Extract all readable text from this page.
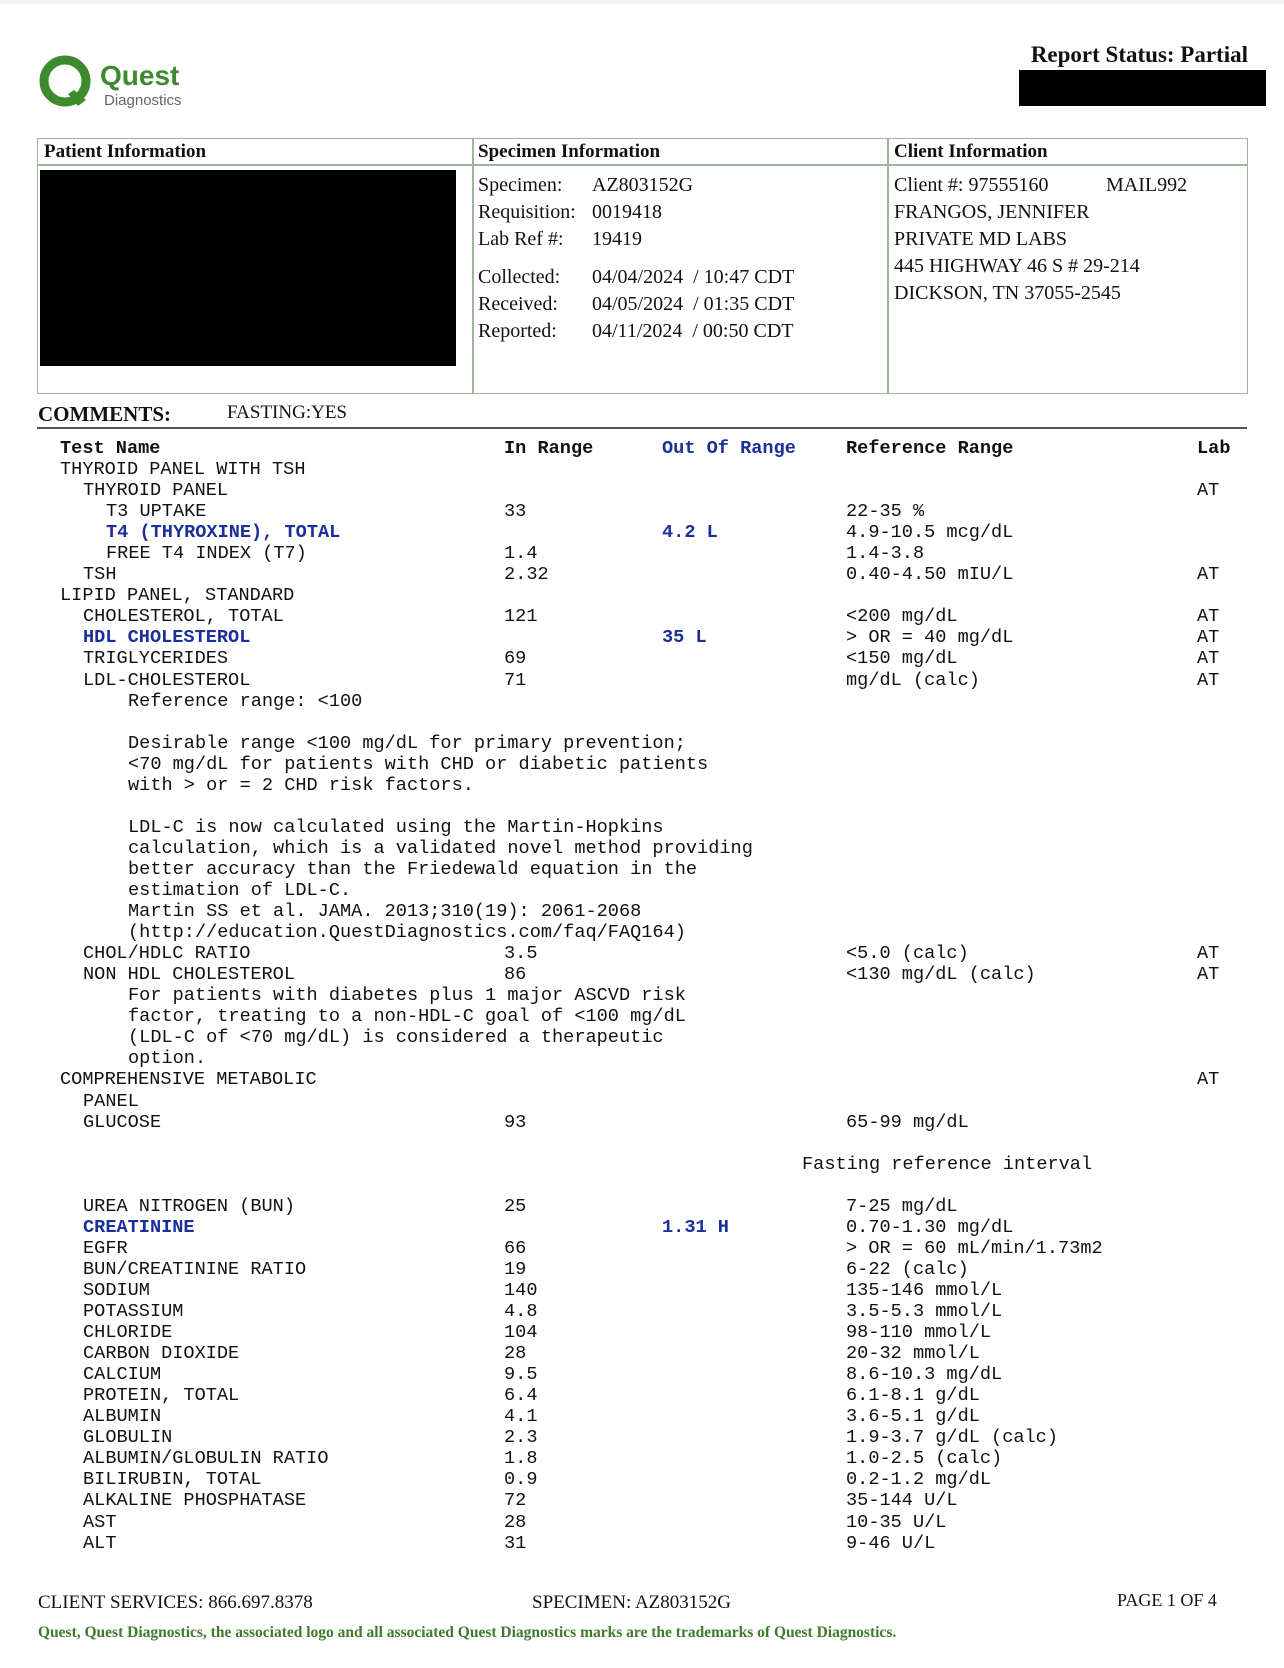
Quest
Diagnostics
Report Status: Partial
Patient Information	Specimen Information	Client Information
Specimen: AZ803152G
Requisition: 0019418
Lab Ref #: 19419
Collected: 04/04/2024  / 10:47 CDT
Received: 04/05/2024  / 01:35 CDT
Reported: 04/11/2024  / 00:50 CDT
Client #: 97555160	MAIL992
FRANGOS, JENNIFER
PRIVATE MD LABS
445 HIGHWAY 46 S # 29-214
DICKSON, TN 37055-2545
COMMENTS:	FASTING:YES
Test Name	In Range	Out Of Range	Reference Range	Lab
THYROID PANEL WITH TSH
THYROID PANEL	AT
T3 UPTAKE	33	22-35 %
T4 (THYROXINE), TOTAL	4.2 L	4.9-10.5 mcg/dL
FREE T4 INDEX (T7)	1.4	1.4-3.8
TSH	2.32	0.40-4.50 mIU/L	AT
LIPID PANEL, STANDARD
CHOLESTEROL, TOTAL	121	<200 mg/dL	AT
HDL CHOLESTEROL	35 L	> OR = 40 mg/dL	AT
TRIGLYCERIDES	69	<150 mg/dL	AT
LDL-CHOLESTEROL	71	mg/dL (calc)	AT
Reference range: <100
Desirable range <100 mg/dL for primary prevention;
<70 mg/dL for patients with CHD or diabetic patients
with > or = 2 CHD risk factors.
LDL-C is now calculated using the Martin-Hopkins
calculation, which is a validated novel method providing
better accuracy than the Friedewald equation in the
estimation of LDL-C.
Martin SS et al. JAMA. 2013;310(19): 2061-2068
(http://education.QuestDiagnostics.com/faq/FAQ164)
CHOL/HDLC RATIO	3.5	<5.0 (calc)	AT
NON HDL CHOLESTEROL	86	<130 mg/dL (calc)	AT
For patients with diabetes plus 1 major ASCVD risk
factor, treating to a non-HDL-C goal of <100 mg/dL
(LDL-C of <70 mg/dL) is considered a therapeutic
option.
COMPREHENSIVE METABOLIC	AT
PANEL
GLUCOSE	93	65-99 mg/dL
Fasting reference interval
UREA NITROGEN (BUN)	25	7-25 mg/dL
CREATININE	1.31 H	0.70-1.30 mg/dL
EGFR	66	> OR = 60 mL/min/1.73m2
BUN/CREATININE RATIO	19	6-22 (calc)
SODIUM	140	135-146 mmol/L
POTASSIUM	4.8	3.5-5.3 mmol/L
CHLORIDE	104	98-110 mmol/L
CARBON DIOXIDE	28	20-32 mmol/L
CALCIUM	9.5	8.6-10.3 mg/dL
PROTEIN, TOTAL	6.4	6.1-8.1 g/dL
ALBUMIN	4.1	3.6-5.1 g/dL
GLOBULIN	2.3	1.9-3.7 g/dL (calc)
ALBUMIN/GLOBULIN RATIO	1.8	1.0-2.5 (calc)
BILIRUBIN, TOTAL	0.9	0.2-1.2 mg/dL
ALKALINE PHOSPHATASE	72	35-144 U/L
AST	28	10-35 U/L
ALT	31	9-46 U/L
CLIENT SERVICES: 866.697.8378	SPECIMEN: AZ803152G	PAGE 1 OF 4
Quest, Quest Diagnostics, the associated logo and all associated Quest Diagnostics marks are the trademarks of Quest Diagnostics.
